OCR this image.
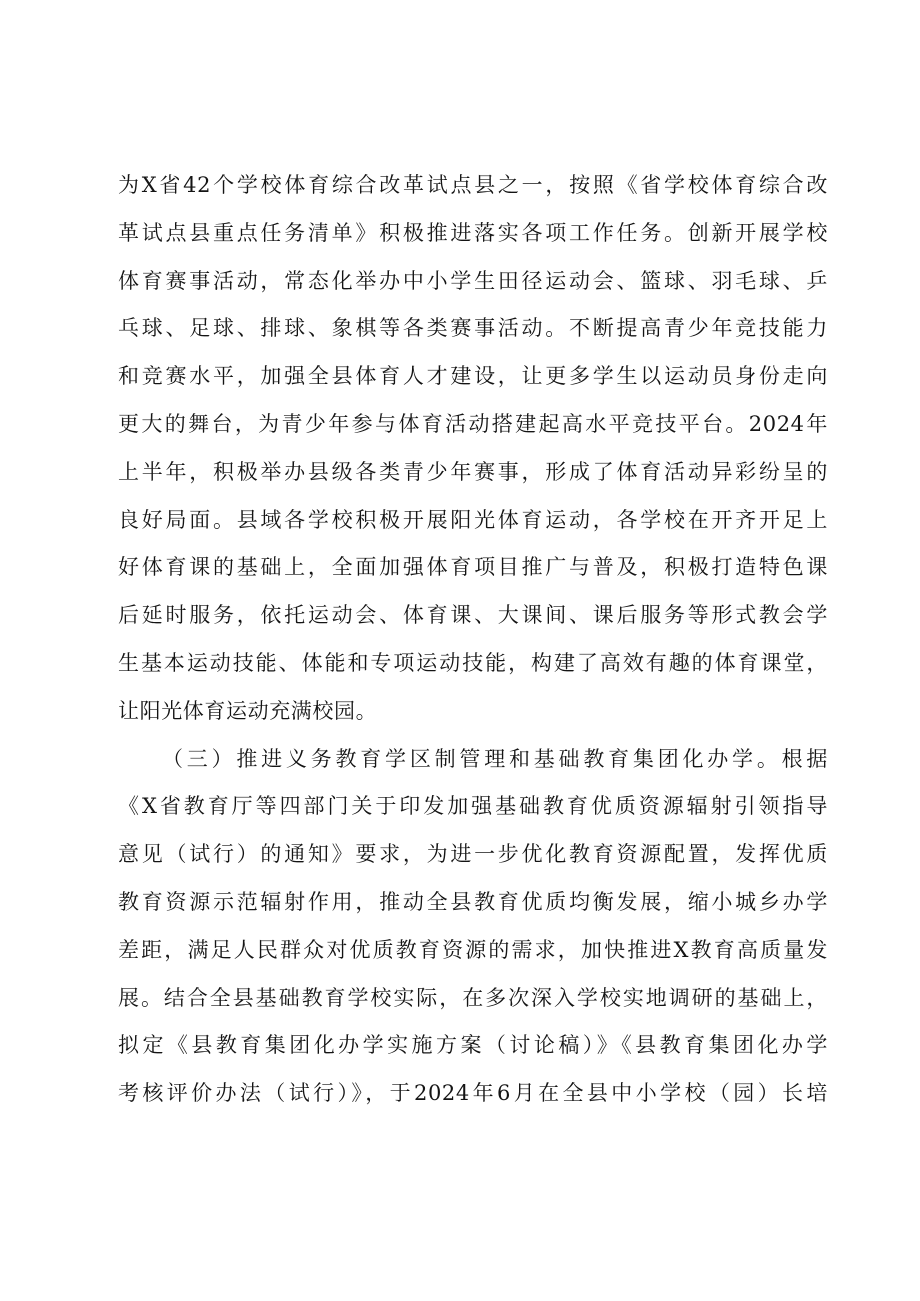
为X省42个学校体育综合改革试点县之一，按照《省学校体育综合改
革试点县重点任务清单》积极推进落实各项工作任务。创新开展学校
体育赛事活动，常态化举办中小学生田径运动会、篮球、羽毛球、乒
乓球、足球、排球、象棋等各类赛事活动。不断提高青少年竞技能力
和竞赛水平，加强全县体育人才建设，让更多学生以运动员身份走向
更大的舞台，为青少年参与体育活动搭建起高水平竞技平台。2024年
上半年，积极举办县级各类青少年赛事，形成了体育活动异彩纷呈的
良好局面。县域各学校积极开展阳光体育运动，各学校在开齐开足上
好体育课的基础上，全面加强体育项目推广与普及，积极打造特色课
后延时服务，依托运动会、体育课、大课间、课后服务等形式教会学
生基本运动技能、体能和专项运动技能，构建了高效有趣的体育课堂，
让阳光体育运动充满校园。
（三）推进义务教育学区制管理和基础教育集团化办学。根据
《X省教育厅等四部门关于印发加强基础教育优质资源辐射引领指导
意见（试行）的通知》要求，为进一步优化教育资源配置，发挥优质
教育资源示范辐射作用，推动全县教育优质均衡发展，缩小城乡办学
差距，满足人民群众对优质教育资源的需求，加快推进X教育高质量发
展。结合全县基础教育学校实际，在多次深入学校实地调研的基础上，
拟定《县教育集团化办学实施方案（讨论稿）》《县教育集团化办学
考核评价办法（试行）》，于2024年6月在全县中小学校（园）长培
